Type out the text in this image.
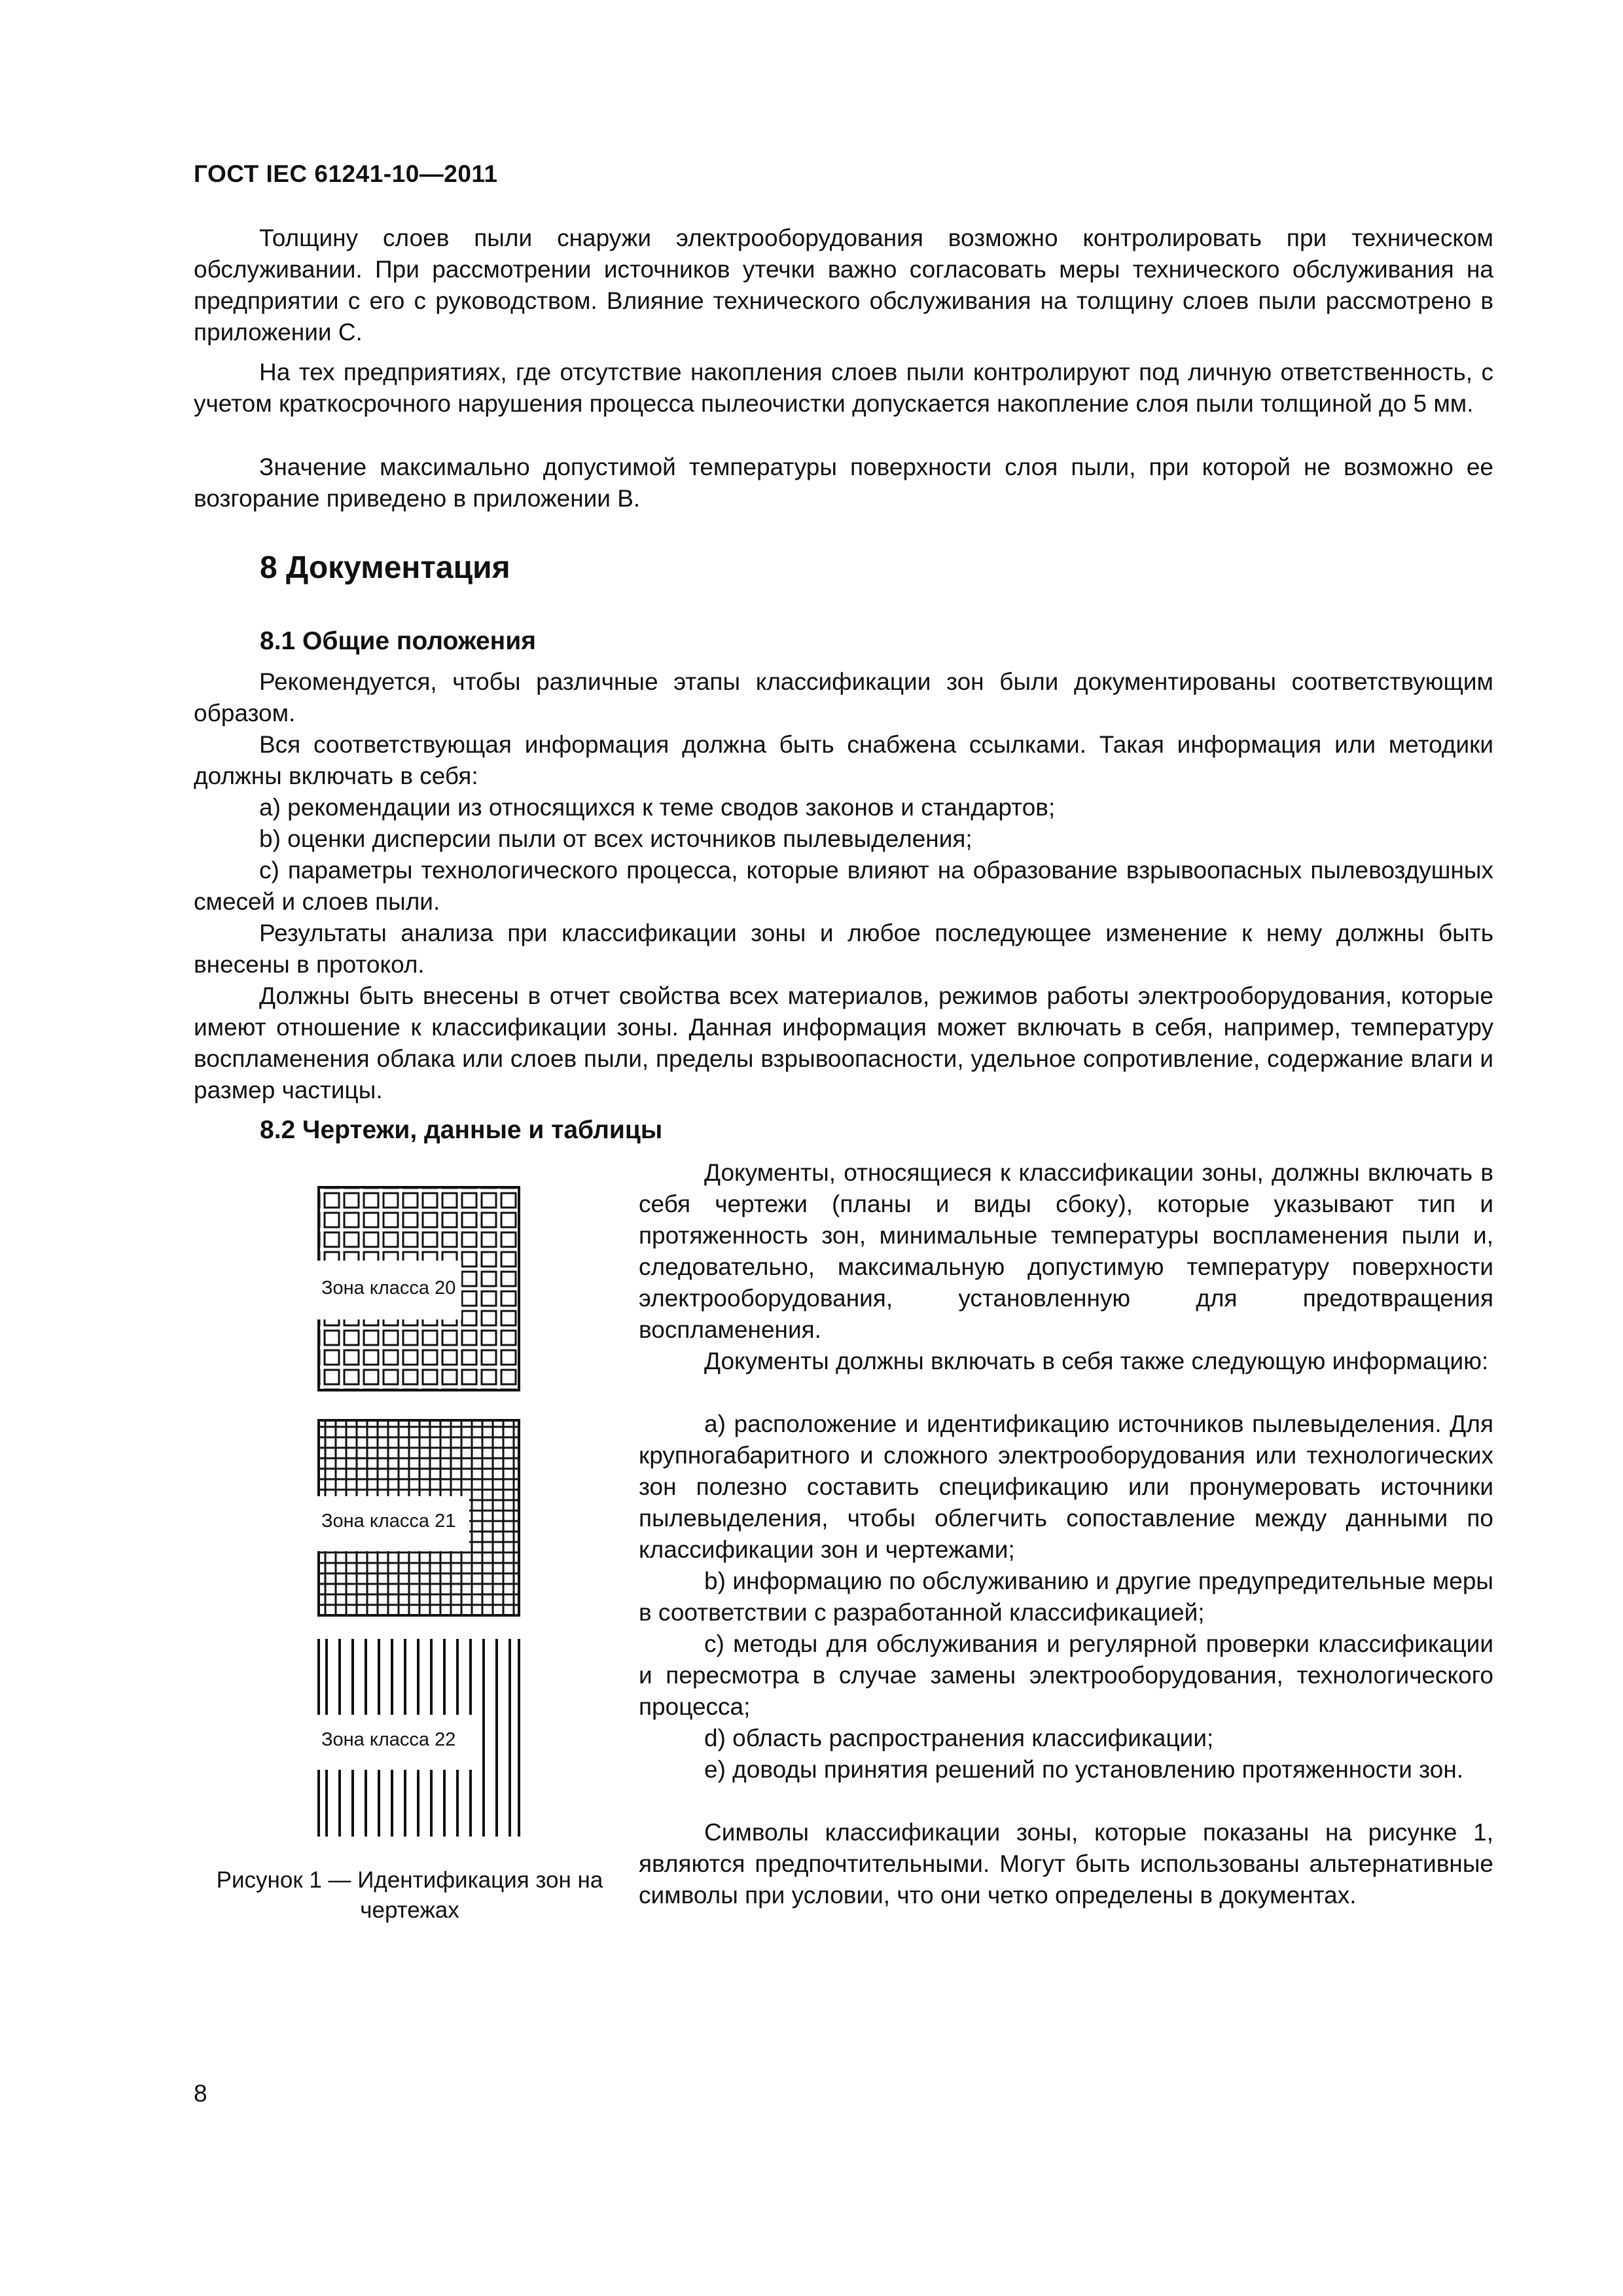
ГОСТ IEC 61241-10—2011

Толщину слоев пыли снаружи электрооборудования возможно контролировать при техническом обслуживании. При рассмотрении источников утечки важно согласовать меры технического обслуживания на предприятии с его с руководством. Влияние технического обслуживания на толщину слоев пыли рассмотрено в приложении С.

На тех предприятиях, где отсутствие накопления слоев пыли контролируют под личную ответственность, с учетом краткосрочного нарушения процесса пылеочистки допускается накопление слоя пыли толщиной до 5 мм.

Значение максимально допустимой температуры поверхности слоя пыли, при которой не возможно ее возгорание приведено в приложении В.

8 Документация
8.1 Общие положения

Рекомендуется, чтобы различные этапы классификации зон были документированы соответствующим образом.

Вся соответствующая информация должна быть снабжена ссылками. Такая информация или методики должны включать в себя:

a) рекомендации из относящихся к теме сводов законов и стандартов;

b) оценки дисперсии пыли от всех источников пылевыделения;

c) параметры технологического процесса, которые влияют на образование взрывоопасных пылевоздушных смесей и слоев пыли.

Результаты анализа при классификации зоны и любое последующее изменение к нему должны быть внесены в протокол.

Должны быть внесены в отчет свойства всех материалов, режимов работы электрооборудования, которые имеют отношение к классификации зоны. Данная информация может включать в себя, например, температуру воспламенения облака или слоев пыли, пределы взрывоопасности, удельное сопротивление, содержание влаги и размер частицы.

8.2 Чертежи, данные и таблицы

Документы, относящиеся к классификации зоны, должны включать в себя чертежи (планы и виды сбоку), которые указывают тип и протяженность зон, минимальные температуры воспламенения пыли и, следовательно, максимальную допустимую температуру поверхности электрооборудования, установленную для предотвращения воспламенения.

Документы должны включать в себя также следующую информацию:

a) расположение и идентификацию источников пылевыделения. Для крупногабаритного и сложного электрооборудования или технологических зон полезно составить спецификацию или пронумеровать источники пылевыделения, чтобы облегчить сопоставление между данными по классификации зон и чертежами;

b) информацию по обслуживанию и другие предупредительные меры в соответствии с разработанной классификацией;

c) методы для обслуживания и регулярной проверки классификации и пересмотра в случае замены электрооборудования, технологического процесса;

d) область распространения классификации;

e) доводы принятия решений по установлению протяженности зон.

Символы классификации зоны, которые показаны на рисунке 1, являются предпочтительными. Могут быть использованы альтернативные символы при условии, что они четко определены в документах.

Зона класса 20
Зона класса 21
Зона класса 22
Рисунок 1 — Идентификация зон на чертежах
8
